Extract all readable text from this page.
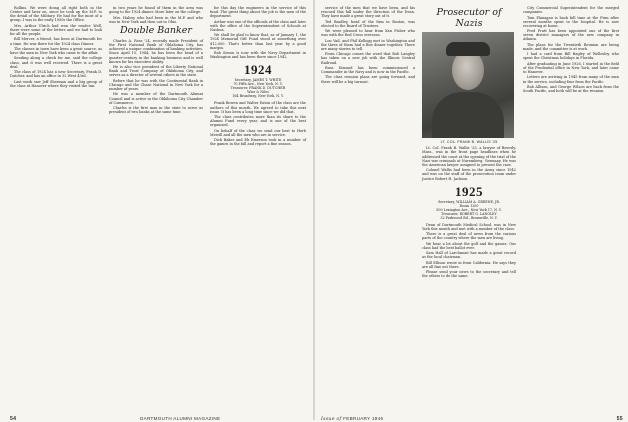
Rollins. We were doing all right both in the Center and later on, since he took up the M.P. to the detail of the Military. He had for the most of a group. I was in the early 1950s the Office.

Mrs. Arthur Ulrich had won the reader. Well, there were some of the letters and we had to look for all the people.

Bill Mercer, a friend, has been at Dartmouth for a time. He was there for the 1924 class Dinner.

The classes in town have been a great source, as have the men in New York who came to the affair.

Sending along a check for me, said the college class, and it was well received. There is a great deal.

The class of 1924 has a new Secretary, Frank D. Dutcher, and has an office in 32 West 43rd.

Last week saw Jeff Sherman and a big group of the class at Hanover where they visited the Inn.

in two years he found of them in the area was going to the 1924 dinner. More later on the college.

Mrs. Halsey who had been in the M.P. and who was in New York and then out in Ohio.

Double Banker

Charles A. Ross '24, recently made President of the First National Bank of Oklahoma City, has achieved a unique combination of banking activities. Since April 15, 1944, he has been the head of a quarter-century in the banking business and is well known for his executive ability.

He is also vice president of the Liberty National Bank and Trust Company of Oklahoma City, and serves as a director of several others in the state.

Before that he was with the Continental Bank in Chicago and the Chase National in New York for a number of years.

He was a member of the Dartmouth Alumni Council and is active in the Oklahoma City Chamber of Commerce.

Charles is the first man in the state to serve as president of two banks at the same time.

for this day the engineers in the service of this fund. The great thing about the job is the men of the department.

Arthur was one of the officials of the class and later with the office of the Superintendent of Schools at Nashua.

We shall be glad to know that, as of January 1, the 1924 Memorial Gift Fund stood at something over $12,000. That's better than last year by a good margin.

Bob Sisson is now with the Navy Department in Washington and has been there since 1942.

1924
Secretary, JAMES T. WHITE
70 Fifth Ave., New York, N. Y.
Treasurer, FRANK D. DUTCHER
Wise & Niles
164 Broadway, New York, N. Y.

Frank Bowen and Walter Eaton of the class are the authors of this month. We agreed to take this next issue. It has been a long time since we did that.

The class contributes more than its share to the Alumni Fund every year, and is one of the best organized.

On behalf of the class we send our best to Herb Merrill and all the men who are in service.

Dick Baker and Eb Emerson took in a number of the games in the fall and report a fine season.

service of the men that we have been, and his rescued this fall under the direction of the Dean. They have made a great story out of it.

Ted Bradley, head of the firm in Boston, was elected to the Board of Trustees.

We were pleased to hear from Ken Fisher who was with the Red Cross overseas.

Lou Vail, and Phil Kellogg met in Washington and the three of them had a fine dinner together. There are many stories to tell.

From Chicago comes the word that Bob Langley has taken on a new job with the Illinois Central Railroad.

Russ Dimond has been commissioned a Commander in the Navy and is now in the Pacific.

The class reunion plans are going forward, and there will be a big turnout.

Prosecutor of Nazis
LT. COL. FRANK B. WALLIS '25

Lt. Col. Frank B. Wallis '25, a lawyer of Beverly, Mass., was in the front page headlines when he addressed the court at the opening of the trial of the Nazi war criminals at Nuremberg, Germany. He was the American lawyer assigned to present the case.

Colonel Wallis had been in the Army since 1942 and was on the staff of the prosecution team under Justice Robert H. Jackson.

1925
Secretary, WILLIAM A. GREENE, JR.
Room 1200
500 Lexington Ave., New York 17, N. Y.
Treasurer, ROBERT G. LANGLEY
32 Parkwood Rd., Bronxville, N. Y.

Dean of Dartmouth Medical School, was in New York this month and met with a number of the class.

There is a great deal of news from the various parts of the country where the men are living.

We hear a lot about the golf and the games. Our class had the best ballot ever.

Sam Hall of Larchmont has made a great record as the local chairman.

Bill Ellison wrote in from California. He says they are all fine out there.

Please send your news to the secretary and tell the others to do the same.

City Commercial Superintendent for the merged companies.

Tom Flanagan is back full time at the Firm after several months spent in the hospital. He is now recovering at home.

Fred Pratt has been appointed one of the first seven district managers of the new company in Atlanta.

The plans for the Twentieth Reunion are being made, and the committee is at work.

I had a card from Bill Bagley of Wellesley who spent the Christmas holidays in Florida.

After graduating in June 1926, I started in the field of the Prudential office in New York, and later came to Hanover.

Letters are arriving in 1945 from many of the men in the service, including four from the Pacific.

Bob Allison, and George Wilson are back from the South Pacific, and both will be at the reunion.

54	DARTMOUTH ALUMNI MAGAZINE	Issue of FEBRUARY 1946	55
